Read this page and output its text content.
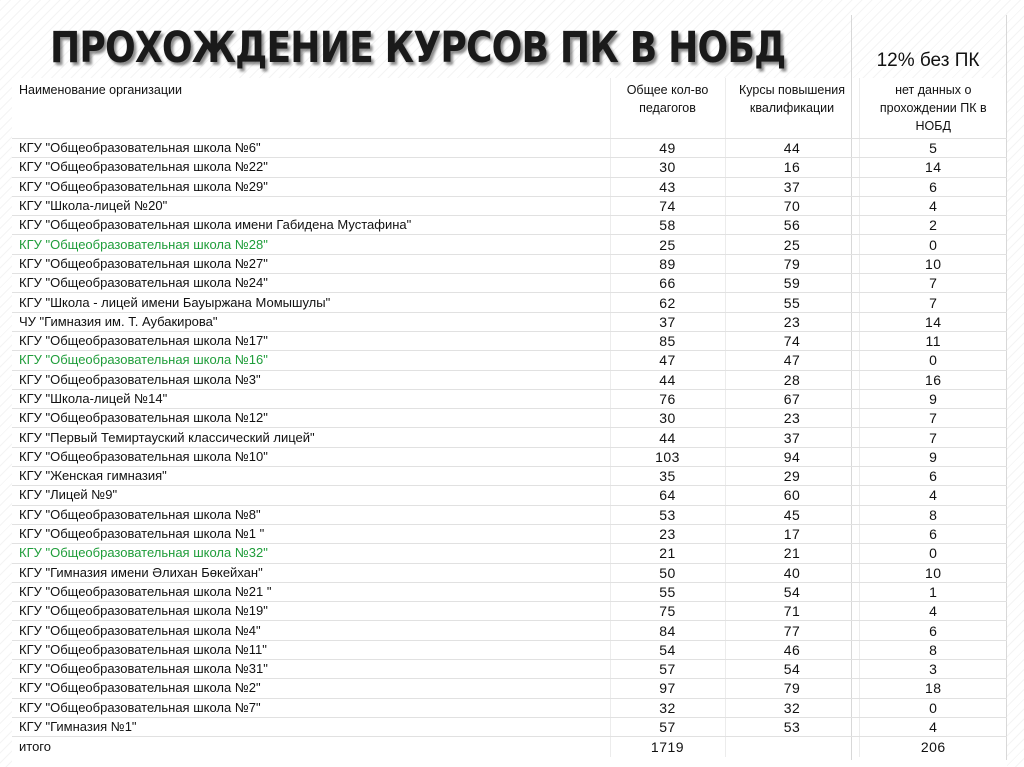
ПРОХОЖДЕНИЕ КУРСОВ ПК В НОБД	12% без ПК
Наименование организации	Общее кол-во педагогов	Курсы повышения квалификации	нет данных о прохождении ПК в НОБД
КГУ "Общеобразовательная школа №6"	49	44	5
КГУ "Общеобразовательная школа №22"	30	16	14
КГУ "Общеобразовательная школа №29"	43	37	6
КГУ "Школа-лицей №20"	74	70	4
КГУ "Общеобразовательная школа имени Габидена Мустафина"	58	56	2
КГУ "Общеобразовательная школа №28"	25	25	0
КГУ "Общеобразовательная школа №27"	89	79	10
КГУ "Общеобразовательная школа №24"	66	59	7
КГУ "Школа - лицей имени Бауыржана Момышулы"	62	55	7
ЧУ "Гимназия им. Т. Аубакирова"	37	23	14
КГУ "Общеобразовательная школа №17"	85	74	11
КГУ "Общеобразовательная школа №16"	47	47	0
КГУ "Общеобразовательная школа №3"	44	28	16
КГУ "Школа-лицей №14"	76	67	9
КГУ "Общеобразовательная школа №12"	30	23	7
КГУ "Первый Темиртауский классический лицей"	44	37	7
КГУ "Общеобразовательная школа №10"	103	94	9
КГУ "Женская гимназия"	35	29	6
КГУ "Лицей №9"	64	60	4
КГУ "Общеобразовательная школа №8"	53	45	8
КГУ "Общеобразовательная школа №1 "	23	17	6
КГУ "Общеобразовательная школа №32"	21	21	0
КГУ "Гимназия имени Әлихан Бөкейхан"	50	40	10
КГУ "Общеобразовательная школа №21 "	55	54	1
КГУ "Общеобразовательная школа №19"	75	71	4
КГУ "Общеобразовательная школа №4"	84	77	6
КГУ "Общеобразовательная школа №11"	54	46	8
КГУ "Общеобразовательная школа №31"	57	54	3
КГУ "Общеобразовательная школа №2"	97	79	18
КГУ "Общеобразовательная школа №7"	32	32	0
КГУ "Гимназия №1"	57	53	4
итого	1719		206
